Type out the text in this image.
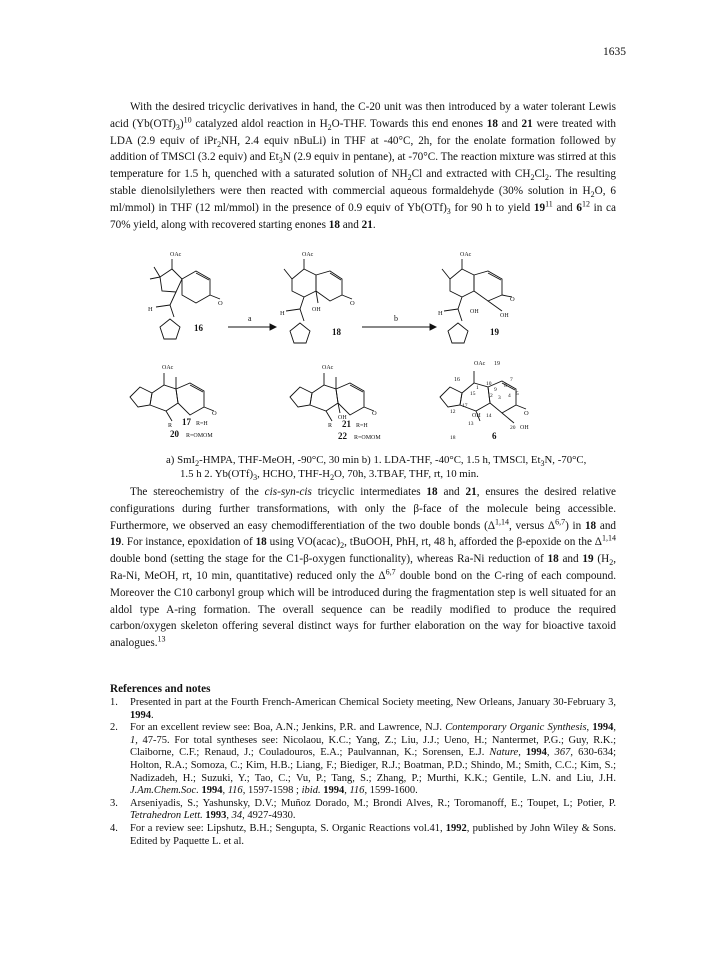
1635
With the desired tricyclic derivatives in hand, the C-20 unit was then introduced by a water tolerant Lewis acid $(Yb(OTf)_3)^{10}$ catalyzed aldol reaction in $H_2O$-THF. Towards this end enones 18 and 21 were treated with LDA (2.9 equiv of iPr$_2$NH, 2.4 equiv nBuLi) in THF at -40°C, 2h, for the enolate formation followed by addition of TMSCl (3.2 equiv) and $Et_3N$ (2.9 equiv in pentane), at -70°C. The reaction mixture was stirred at this temperature for 1.5 h, quenched with a saturated solution of $NH_2Cl$ and extracted with $CH_2Cl_2$. The resulting stable dienolsilylethers were then reacted with commercial aqueous formaldehyde (30% solution in $H_2O$, 6 ml/mmol) in THF (12 ml/mmol) in the presence of 0.9 equiv of $Yb(OTf)_3$ for 90 h to yield $19^{11}$ and $6^{12}$ in ca 70% yield, along with recovered starting enones 18 and 21.
OAc
O
H
16
a
OAc
O
OH
H
18
b
OAc
O
OH
OH
H
19
OAc
O
R 17 R=H
20 R=OMOM
OAc
O
OH
R 21 R=H
22 R=OMOM
OAc 19
16
10
9
8
7
1
15	2 3 4 5
O
17
12
OH 14
13
20 OH
18	6
a) SmI$_2$-HMPA, THF-MeOH, -90°C, 30 min b) 1. LDA-THF, -40°C, 1.5 h, TMSCl, $Et_3N$, -70°C,
1.5 h 2. $Yb(OTf)_3$, HCHO, THF-$H_2O$, 70h, 3.TBAF, THF, rt, 10 min.
The stereochemistry of the cis-syn-cis tricyclic intermediates 18 and 21, ensures the desired relative configurations during further transformations, with only the β-face of the molecule being accessible. Furthermore, we observed an easy chemodifferentiation of the two double bonds ($\Delta^{1,14}$, versus Δ$^{6,7}$) in 18 and 19. For instance, epoxidation of 18 using $VO(acac)_2$, tBuOOH, PhH, rt, 48 h, afforded the β-epoxide on the Δ$^{1,14}$ double bond (setting the stage for the C1-β-oxygen functionality), whereas Ra-Ni reduction of 18 and 19 ($H_2$, Ra-Ni, MeOH, rt, 10 min, quantitative) reduced only the Δ$^{6,7}$ double bond on the C-ring of each compound. Moreover the C10 carbonyl group which will be introduced during the fragmentation step is well situated for an aldol type A-ring formation. The overall sequence can be readily modified to produce the required carbon/oxygen skeleton offering several distinct ways for further elaboration on the way for bioactive taxoid analogues.$^{13}$
References and notes
1.	Presented in part at the Fourth French-American Chemical Society meeting, New Orleans, January 30-February 3, 1994.
2.	For an excellent review see: Boa, A.N.; Jenkins, P.R. and Lawrence, N.J. Contemporary Organic Synthesis, 1994, 1, 47-75. For total syntheses see: Nicolaou, K.C.; Yang, Z.; Liu, J.J.; Ueno, H.; Nantermet, P.G.; Guy, R.K.; Claiborne, C.F.; Renaud, J.; Couladouros, E.A.; Paulvannan, K.; Sorensen, E.J. Nature, 1994, 367, 630-634; Holton, R.A.; Somoza, C.; Kim, H.B.; Liang, F.; Biediger, R.J.; Boatman, P.D.; Shindo, M.; Smith, C.C.; Kim, S.; Nadizadeh, H.; Suzuki, Y.; Tao, C.; Vu, P.; Tang, S.; Zhang, P.; Murthi, K.K.; Gentile, L.N. and Liu, J.H. J.Am.Chem.Soc. 1994, 116, 1597-1598 ; ibid. 1994, 116, 1599-1600.
3.	Arseniyadis, S.; Yashunsky, D.V.; Muñoz Dorado, M.; Brondi Alves, R.; Toromanoff, E.; Toupet, L; Potier, P. Tetrahedron Lett. 1993, 34, 4927-4930.
4.	For a review see: Lipshutz, B.H.; Sengupta, S. Organic Reactions vol.41, 1992, published by John Wiley & Sons. Edited by Paquette L. et al.
